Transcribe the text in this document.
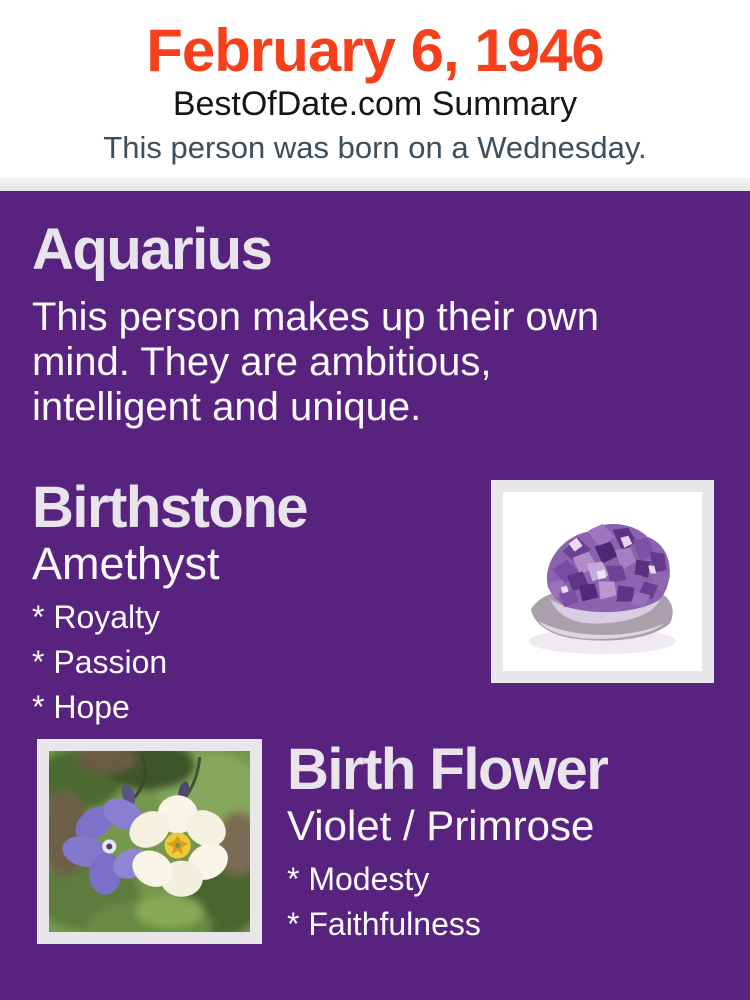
February 6, 1946
BestOfDate.com Summary
This person was born on a Wednesday.
Aquarius
This person makes up their own
mind. They are ambitious,
intelligent and unique.
Birthstone
Amethyst
* Royalty
* Passion
* Hope
Birth Flower
Violet / Primrose
* Modesty
* Faithfulness
